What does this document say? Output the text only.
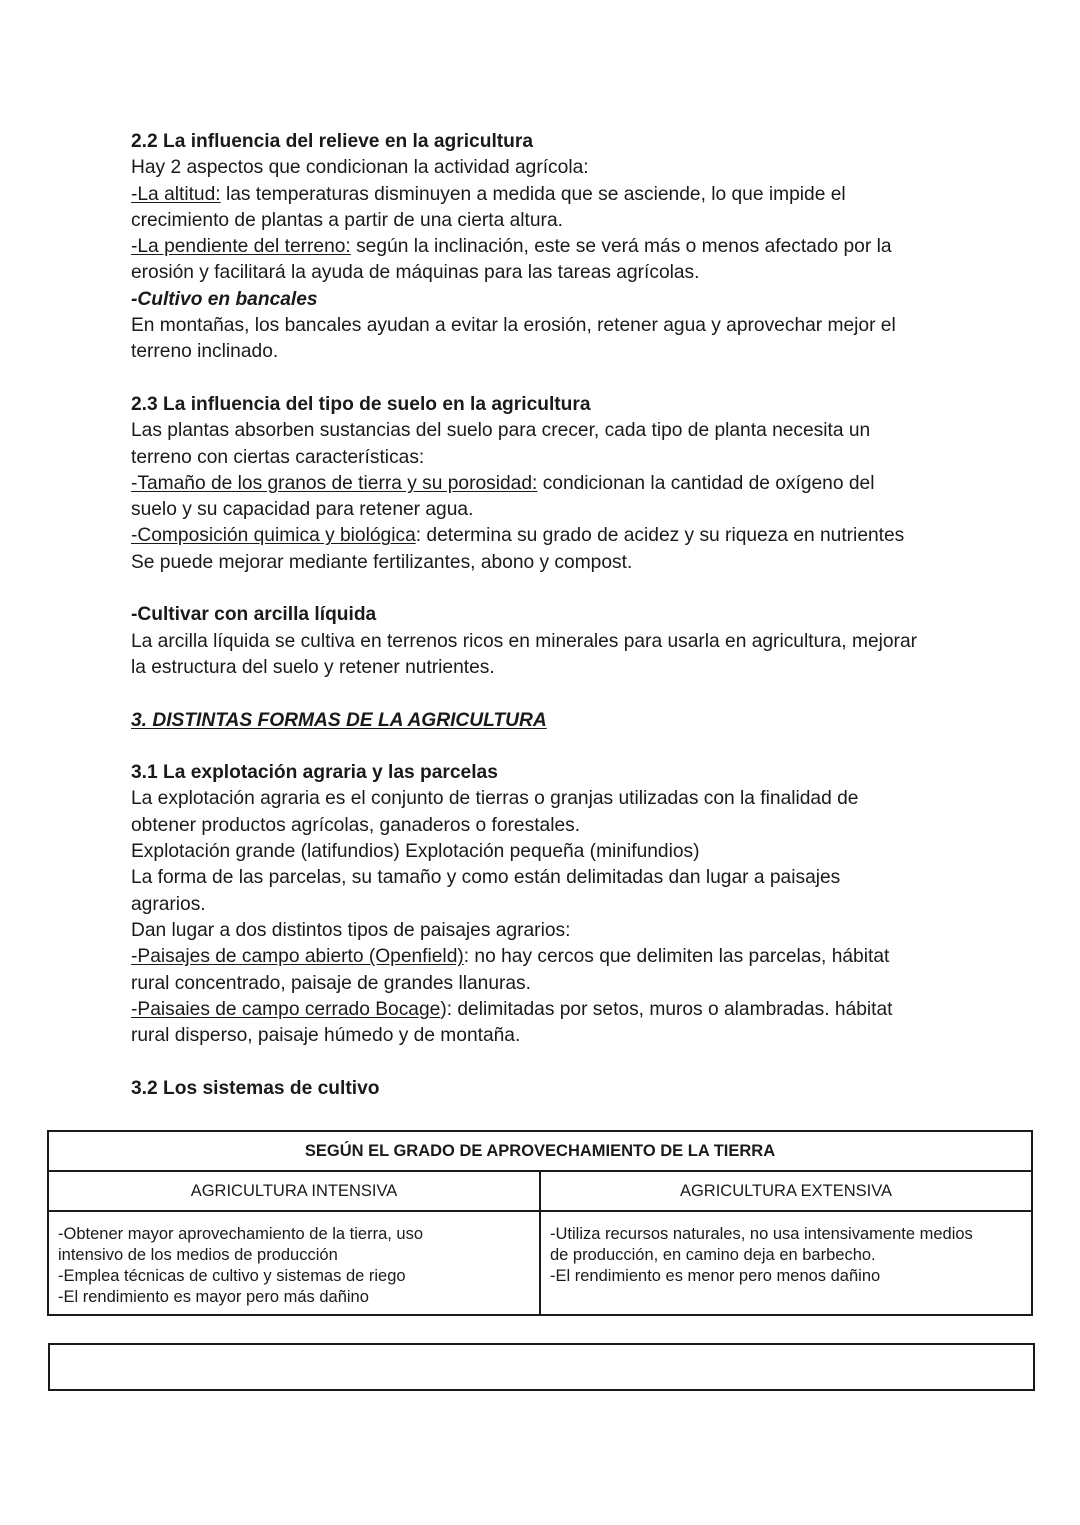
2.2 La influencia del relieve en la agricultura

Hay 2 aspectos que condicionan la actividad agrícola:

-La altitud: las temperaturas disminuyen a medida que se asciende, lo que impide el

crecimiento de plantas a partir de una cierta altura.

-La pendiente del terreno: según la inclinación, este se verá más o menos afectado por la

erosión y facilitará la ayuda de máquinas para las tareas agrícolas.

-Cultivo en bancales

En montañas, los bancales ayudan a evitar la erosión, retener agua y aprovechar mejor el

terreno inclinado.

2.3 La influencia del tipo de suelo en la agricultura

Las plantas absorben sustancias del suelo para crecer, cada tipo de planta necesita un

terreno con ciertas características:

-Tamaño de los granos de tierra y su porosidad: condicionan la cantidad de oxígeno del

suelo y su capacidad para retener agua.

-Composición quimica y biológica: determina su grado de acidez y su riqueza en nutrientes

Se puede mejorar mediante fertilizantes, abono y compost.

-Cultivar con arcilla líquida

La arcilla líquida se cultiva en terrenos ricos en minerales para usarla en agricultura, mejorar

la estructura del suelo y retener nutrientes.

3. DISTINTAS FORMAS DE LA AGRICULTURA

3.1 La explotación agraria y las parcelas

La explotación agraria es el conjunto de tierras o granjas utilizadas con la finalidad de

obtener productos agrícolas, ganaderos o forestales.

Explotación grande (latifundios) Explotación pequeña (minifundios)

La forma de las parcelas, su tamaño y como están delimitadas dan lugar a paisajes

agrarios.

Dan lugar a dos distintos tipos de paisajes agrarios:

-Paisajes de campo abierto (Openfield): no hay cercos que delimiten las parcelas, hábitat

rural concentrado, paisaje de grandes llanuras.

-Paisaies de campo cerrado Bocage): delimitadas por setos, muros o alambradas. hábitat

rural disperso, paisaje húmedo y de montaña.

3.2 Los sistemas de cultivo

SEGÚN EL GRADO DE APROVECHAMIENTO DE LA TIERRA	
AGRICULTURA INTENSIVA	AGRICULTURA EXTENSIVA

-Obtener mayor aprovechamiento de la tierra, uso
intensivo de los medios de producción
-Emplea técnicas de cultivo y sistemas de riego
-El rendimiento es mayor pero más dañino	-Utiliza recursos naturales, no usa intensivamente medios
de producción, en camino deja en barbecho.
-El rendimiento es menor pero menos dañino
